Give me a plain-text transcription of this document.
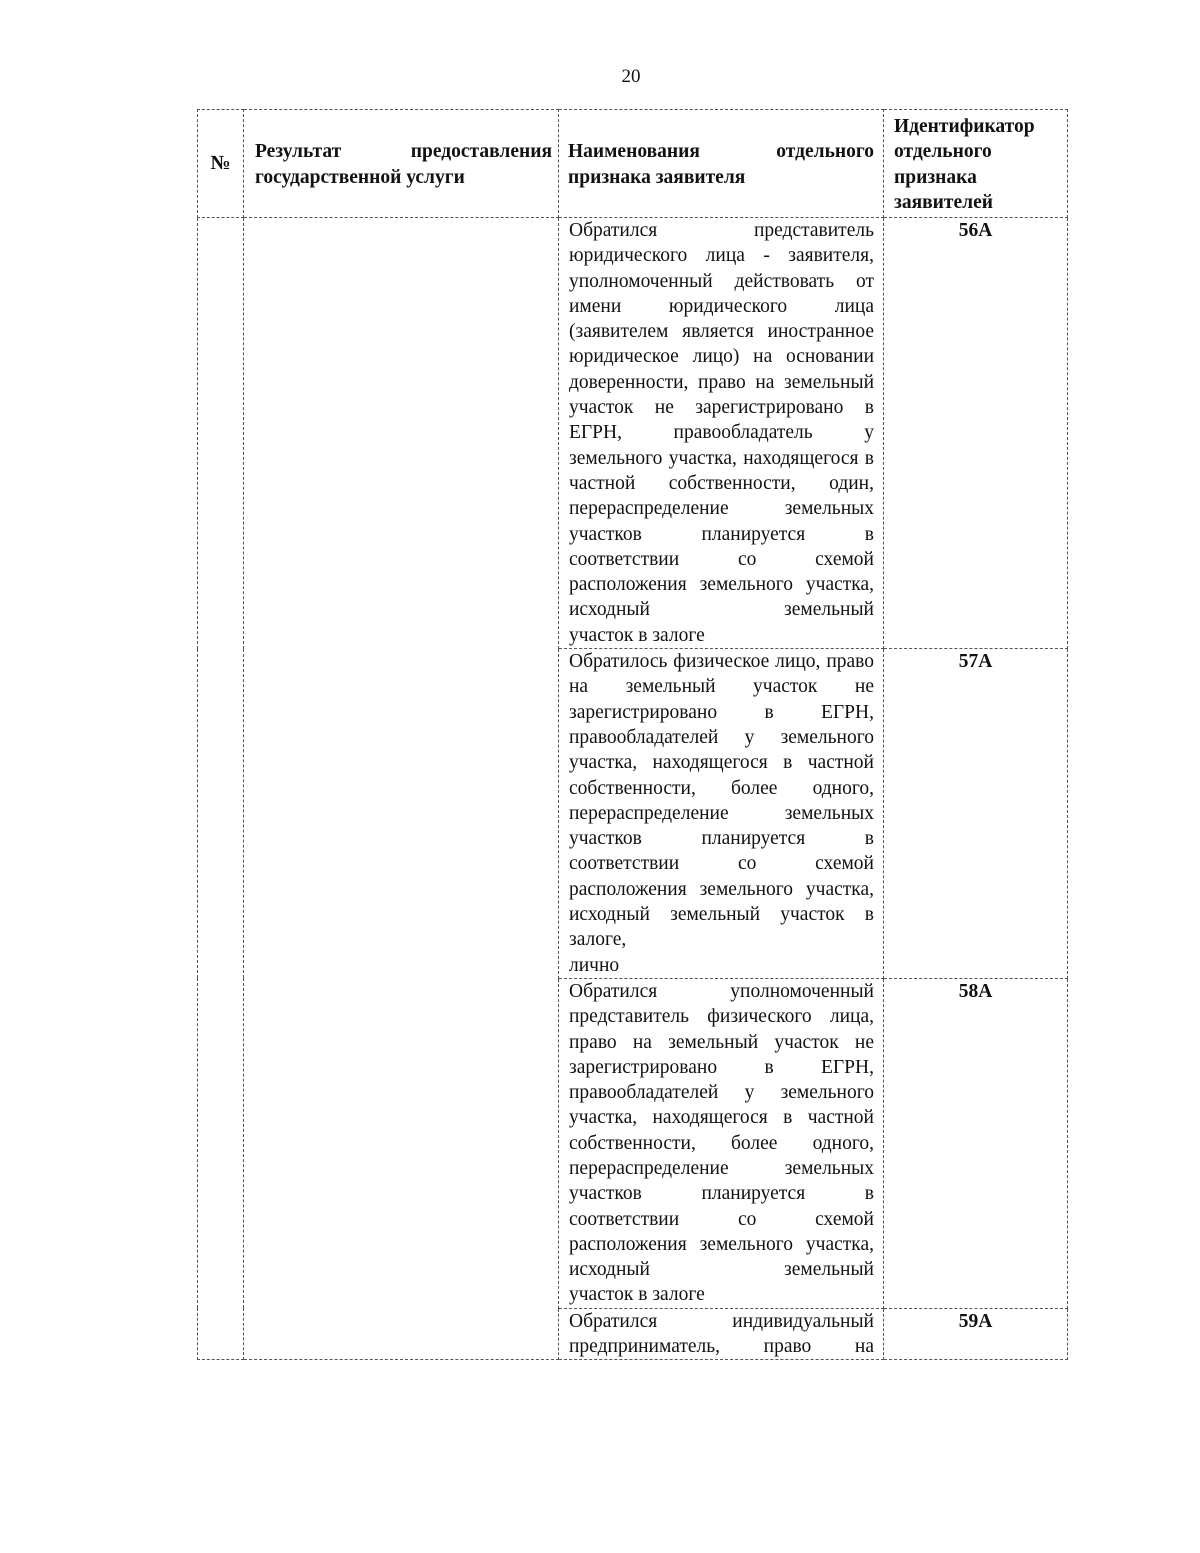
20
№	Результат предоставления государственной услуги	Наименования отдельного признака заявителя	Идентификатор отдельного признака заявителей
		Обратился представитель юридического лица - заявителя, уполномоченный действовать от имени юридического лица (заявителем является иностранное юридическое лицо) на основании доверенности, право на земельный участок не зарегистрировано в ЕГРН, правообладатель у земельного участка, находящегося в частной собственности, один, перераспределение земельных участков планируется в соответствии со схемой расположения земельного участка, исходный земельный
участок в залоге	56А
		Обратилось физическое лицо, право на земельный участок не зарегистрировано в ЕГРН, правообладателей у земельного участка, находящегося в частной собственности, более одного, перераспределение земельных участков планируется в соответствии со схемой расположения земельного участка, исходный земельный участок в залоге,
лично	57А
		Обратился уполномоченный представитель физического лица, право на земельный участок не зарегистрировано в ЕГРН, правообладателей у земельного участка, находящегося в частной собственности, более одного, перераспределение земельных участков планируется в соответствии со схемой расположения земельного участка, исходный земельный
участок в залоге	58А
		Обратился индивидуальный предприниматель, право на	59А
